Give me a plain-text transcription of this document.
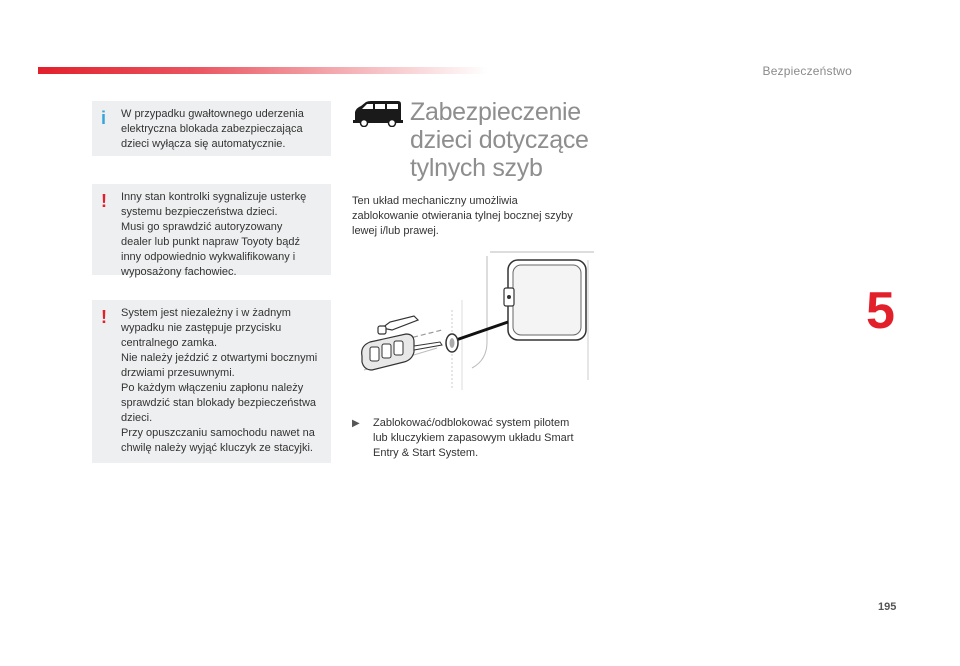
Bezpieczeństwo
5
195
i W przypadku gwałtownego uderzenia
elektryczna blokada zabezpieczająca
dzieci wyłącza się automatycznie.

! Inny stan kontrolki sygnalizuje usterkę
systemu bezpieczeństwa dzieci.
Musi go sprawdzić autoryzowany
dealer lub punkt napraw Toyoty bądź
inny odpowiednio wykwalifikowany i
wyposażony fachowiec.

! System jest niezależny i w żadnym
wypadku nie zastępuje przycisku
centralnego zamka.
Nie należy jeździć z otwartymi bocznymi
drzwiami przesuwnymi.
Po każdym włączeniu zapłonu należy
sprawdzić stan blokady bezpieczeństwa
dzieci.
Przy opuszczaniu samochodu nawet na
chwilę należy wyjąć kluczyk ze stacyjki.

Zabezpieczenie
dzieci dotyczące
tylnych szyb

Ten układ mechaniczny umożliwia
zablokowanie otwierania tylnej bocznej szyby
lewej i/lub prawej.

▶ Zablokować/odblokować system pilotem
lub kluczykiem zapasowym układu Smart
Entry & Start System.
